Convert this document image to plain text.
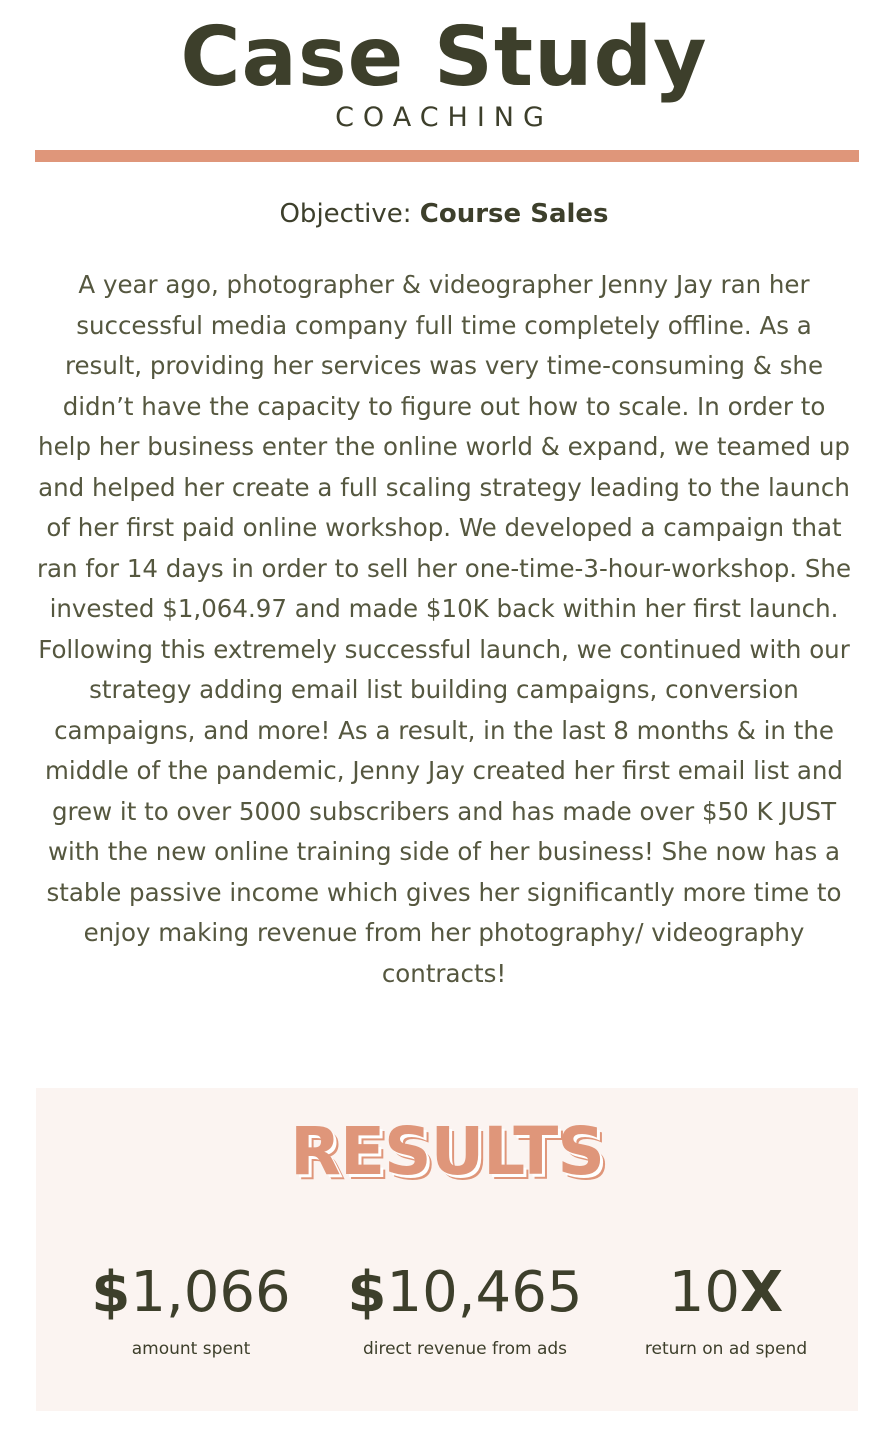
Case Study
COACHING
Objective: Course Sales
A year ago, photographer & videographer Jenny Jay ran her successful media company full time completely offline. As a result, providing her services was very time-consuming & she didn’t have the capacity to figure out how to scale. In order to help her business enter the online world & expand, we teamed up and helped her create a full scaling strategy leading to the launch of her first paid online workshop. We developed a campaign that ran for 14 days in order to sell her one-time-3-hour-workshop. She invested $1,064.97 and made $10K back within her first launch. Following this extremely successful launch, we continued with our strategy adding email list building campaigns, conversion campaigns, and more! As a result, in the last 8 months & in the middle of the pandemic, Jenny Jay created her first email list and grew it to over 5000 subscribers and has made over $50 K JUST with the new online training side of her business! She now has a stable passive income which gives her significantly more time to enjoy making revenue from her photography/ videography contracts!
RESULTS
$1,066
amount spent
$10,465
direct revenue from ads
10X
return on ad spend
